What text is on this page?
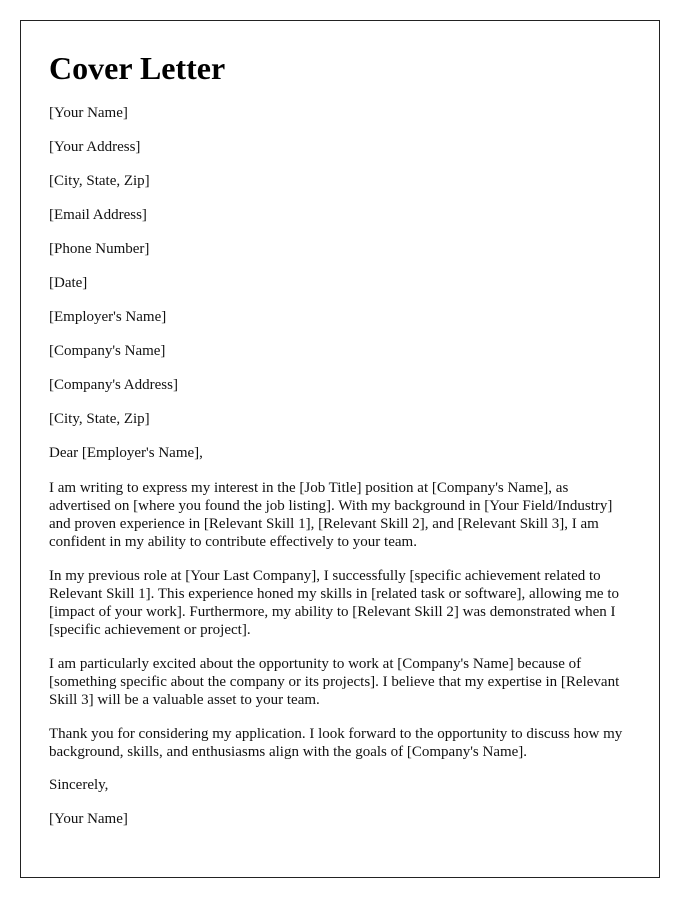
Cover Letter
[Your Name]
[Your Address]
[City, State, Zip]
[Email Address]
[Phone Number]
[Date]
[Employer's Name]
[Company's Name]
[Company's Address]
[City, State, Zip]
Dear [Employer's Name],

I am writing to express my interest in the [Job Title] position at [Company's Name], as advertised on [where you found the job listing]. With my background in [Your Field/Industry] and proven experience in [Relevant Skill 1], [Relevant Skill 2], and [Relevant Skill 3], I am confident in my ability to contribute effectively to your team.

In my previous role at [Your Last Company], I successfully [specific achievement related to Relevant Skill 1]. This experience honed my skills in [related task or software], allowing me to [impact of your work]. Furthermore, my ability to [Relevant Skill 2] was demonstrated when I [specific achievement or project].

I am particularly excited about the opportunity to work at [Company's Name] because of [something specific about the company or its projects]. I believe that my expertise in [Relevant Skill 3] will be a valuable asset to your team.

Thank you for considering my application. I look forward to the opportunity to discuss how my background, skills, and enthusiasms align with the goals of [Company's Name].

Sincerely,
[Your Name]
